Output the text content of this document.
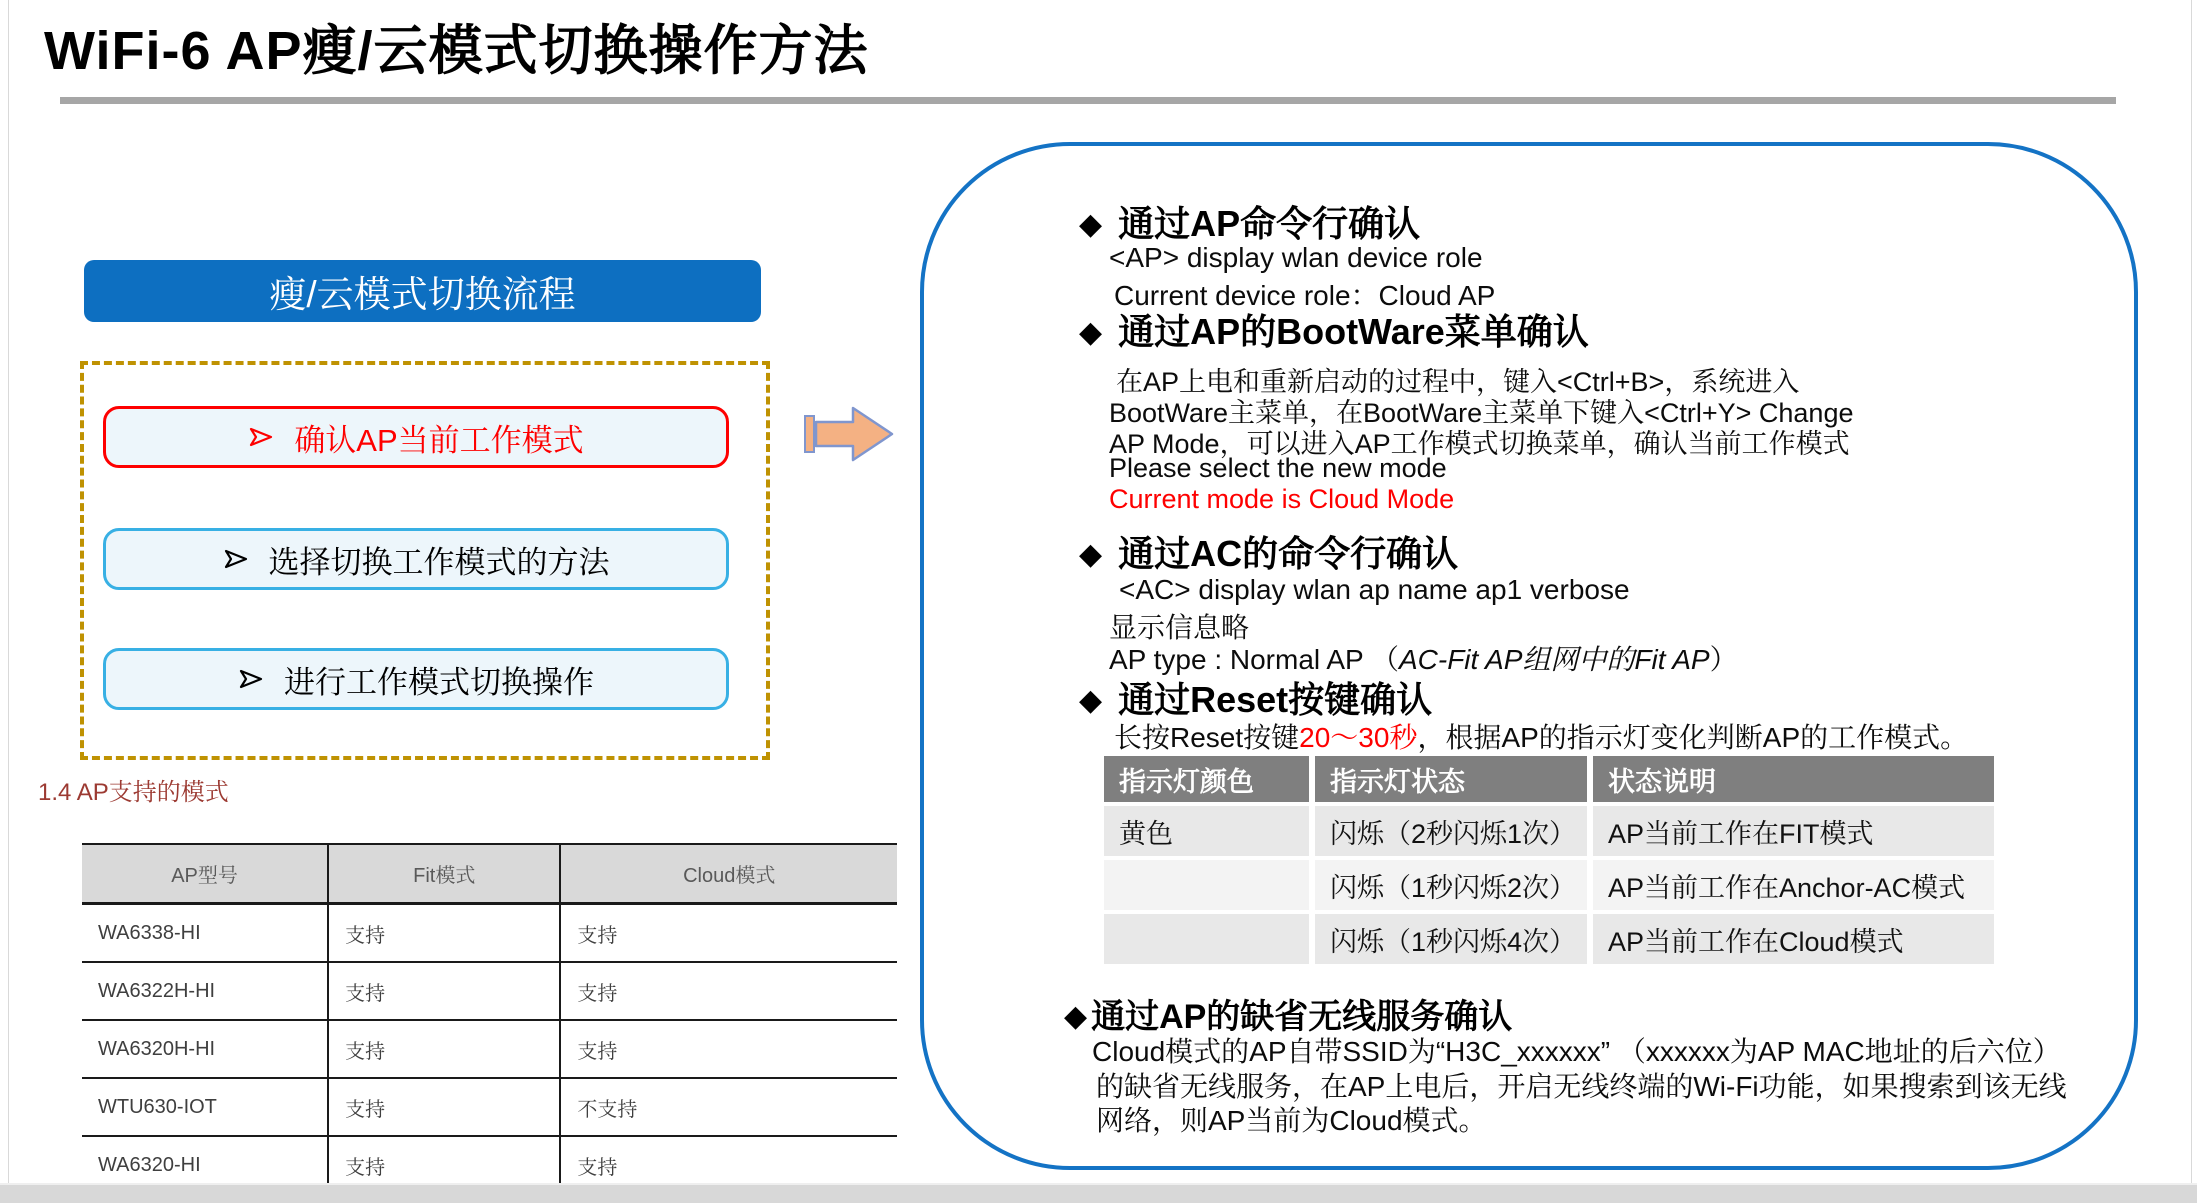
WiFi-6 AP瘦/云模式切换操作方法
瘦/云模式切换流程
确认AP当前工作模式
选择切换工作模式的方法
进行工作模式切换操作
1.4 AP支持的模式
AP型号	Fit模式	Cloud模式
WA6338-HI	支持	支持
WA6322H-HI	支持	支持
WA6320H-HI	支持	支持
WTU630-IOT	支持	不支持
WA6320-HI	支持	支持
◆ 通过AP命令行确认
<AP> display wlan device role
Current device role：Cloud AP
◆ 通过AP的BootWare菜单确认
在AP上电和重新启动的过程中，键入<Ctrl+B>，系统进入
BootWare主菜单，在BootWare主菜单下键入<Ctrl+Y> Change
AP Mode，可以进入AP工作模式切换菜单，确认当前工作模式
Please select the new mode
Current mode is Cloud Mode
◆ 通过AC的命令行确认
<AC> display wlan ap name ap1 verbose
显示信息略
AP type : Normal AP （AC-Fit AP组网中的Fit AP）
◆ 通过Reset按键确认
长按Reset按键20～30秒，根据AP的指示灯变化判断AP的工作模式。
指示灯颜色	指示灯状态	状态说明
黄色	闪烁（2秒闪烁1次）	AP当前工作在FIT模式
	闪烁（1秒闪烁2次）	AP当前工作在Anchor-AC模式
	闪烁（1秒闪烁4次）	AP当前工作在Cloud模式
◆ 通过AP的缺省无线服务确认
Cloud模式的AP自带SSID为“H3C_xxxxxx” （xxxxxx为AP MAC地址的后六位）
的缺省无线服务，在AP上电后，开启无线终端的Wi-Fi功能，如果搜索到该无线
网络，则AP当前为Cloud模式。
